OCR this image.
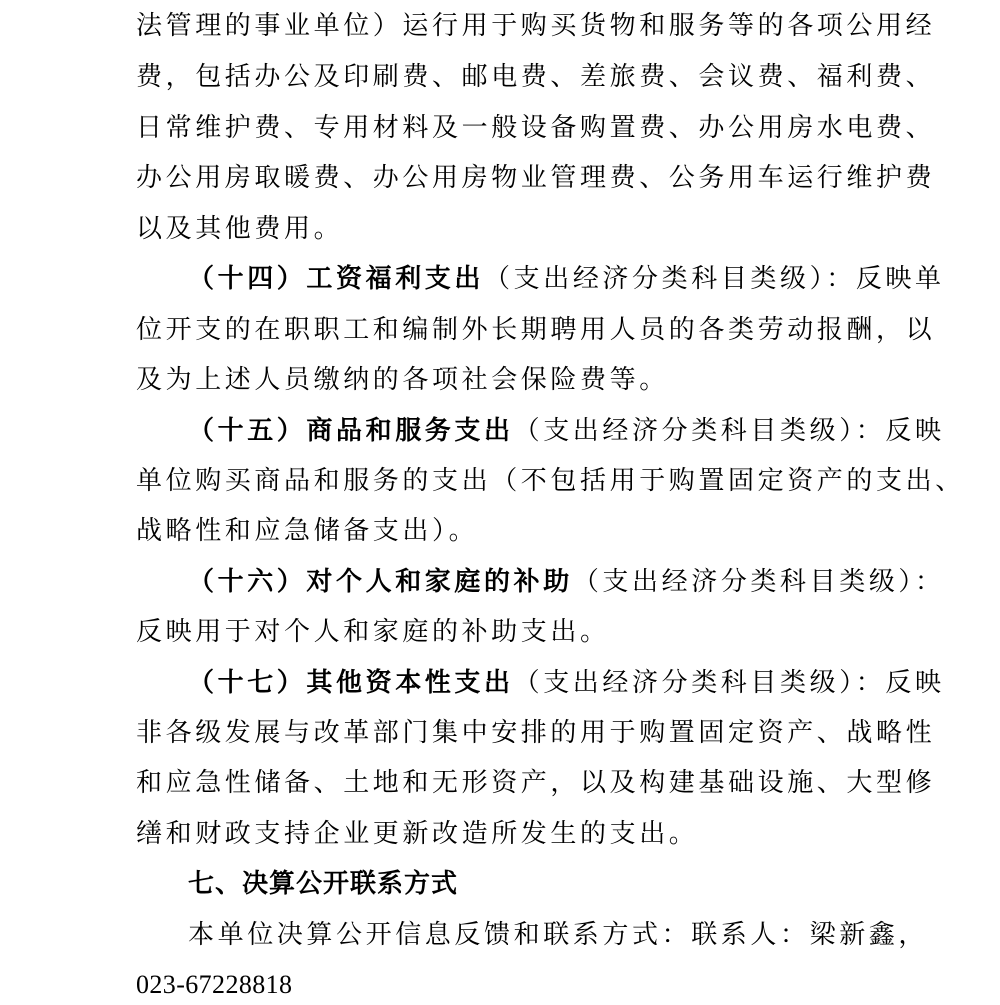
法管理的事业单位）运行用于购买货物和服务等的各项公用经
费，包括办公及印刷费、邮电费、差旅费、会议费、福利费、
日常维护费、专用材料及一般设备购置费、办公用房水电费、
办公用房取暖费、办公用房物业管理费、公务用车运行维护费
以及其他费用。
（十四）工资福利支出（支出经济分类科目类级）：反映单
位开支的在职职工和编制外长期聘用人员的各类劳动报酬，以
及为上述人员缴纳的各项社会保险费等。
（十五）商品和服务支出（支出经济分类科目类级）：反映
单位购买商品和服务的支出（不包括用于购置固定资产的支出、
战略性和应急储备支出）。
（十六）对个人和家庭的补助（支出经济分类科目类级）：
反映用于对个人和家庭的补助支出。
（十七）其他资本性支出（支出经济分类科目类级）：反映
非各级发展与改革部门集中安排的用于购置固定资产、战略性
和应急性储备、土地和无形资产，以及构建基础设施、大型修
缮和财政支持企业更新改造所发生的支出。
七、决算公开联系方式
本单位决算公开信息反馈和联系方式：联系人：梁新鑫，
023-67228818
